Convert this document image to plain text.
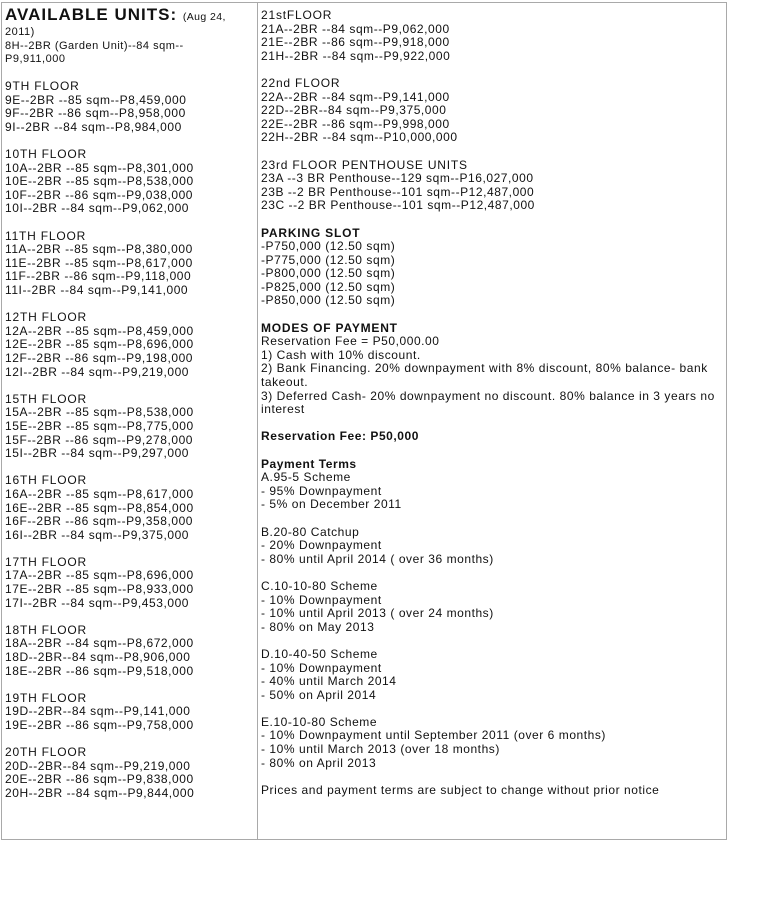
AVAILABLE UNITS: (Aug 24,
2011)
8H--2BR (Garden Unit)--84 sqm--
P9,911,000
9TH FLOOR
9E--2BR --85 sqm--P8,459,000
9F--2BR --86 sqm--P8,958,000
9I--2BR --84 sqm--P8,984,000
10TH FLOOR
10A--2BR --85 sqm--P8,301,000
10E--2BR --85 sqm--P8,538,000
10F--2BR --86 sqm--P9,038,000
10I--2BR --84 sqm--P9,062,000
11TH FLOOR
11A--2BR --85 sqm--P8,380,000
11E--2BR --85 sqm--P8,617,000
11F--2BR --86 sqm--P9,118,000
11I--2BR --84 sqm--P9,141,000
12TH FLOOR
12A--2BR --85 sqm--P8,459,000
12E--2BR --85 sqm--P8,696,000
12F--2BR --86 sqm--P9,198,000
12I--2BR --84 sqm--P9,219,000
15TH FLOOR
15A--2BR --85 sqm--P8,538,000
15E--2BR --85 sqm--P8,775,000
15F--2BR --86 sqm--P9,278,000
15I--2BR --84 sqm--P9,297,000
16TH FLOOR
16A--2BR --85 sqm--P8,617,000
16E--2BR --85 sqm--P8,854,000
16F--2BR --86 sqm--P9,358,000
16I--2BR --84 sqm--P9,375,000
17TH FLOOR
17A--2BR --85 sqm--P8,696,000
17E--2BR --85 sqm--P8,933,000
17I--2BR --84 sqm--P9,453,000
18TH FLOOR
18A--2BR --84 sqm--P8,672,000
18D--2BR--84 sqm--P8,906,000
18E--2BR --86 sqm--P9,518,000
19TH FLOOR
19D--2BR--84 sqm--P9,141,000
19E--2BR --86 sqm--P9,758,000
20TH FLOOR
20D--2BR--84 sqm--P9,219,000
20E--2BR --86 sqm--P9,838,000
20H--2BR --84 sqm--P9,844,000
21stFLOOR
21A--2BR --84 sqm--P9,062,000
21E--2BR --86 sqm--P9,918,000
21H--2BR --84 sqm--P9,922,000
22nd FLOOR
22A--2BR --84 sqm--P9,141,000
22D--2BR--84 sqm--P9,375,000
22E--2BR --86 sqm--P9,998,000
22H--2BR --84 sqm--P10,000,000
23rd FLOOR PENTHOUSE UNITS
23A --3 BR Penthouse--129 sqm--P16,027,000
23B --2 BR Penthouse--101 sqm--P12,487,000
23C --2 BR Penthouse--101 sqm--P12,487,000
PARKING SLOT
-P750,000 (12.50 sqm)
-P775,000 (12.50 sqm)
-P800,000 (12.50 sqm)
-P825,000 (12.50 sqm)
-P850,000 (12.50 sqm)
MODES OF PAYMENT
Reservation Fee = P50,000.00
1) Cash with 10% discount.
2) Bank Financing. 20% downpayment with 8% discount, 80% balance- bank takeout.
3) Deferred Cash- 20% downpayment no discount. 80% balance in 3 years no interest
Reservation Fee: P50,000
Payment Terms
A.95-5 Scheme
- 95% Downpayment
- 5% on December 2011
B.20-80 Catchup
- 20% Downpayment
- 80% until April 2014 ( over 36 months)
C.10-10-80 Scheme
- 10% Downpayment
- 10% until April 2013 ( over 24 months)
- 80% on May 2013
D.10-40-50 Scheme
- 10% Downpayment
- 40% until March 2014
- 50% on April 2014
E.10-10-80 Scheme
- 10% Downpayment until September 2011 (over 6 months)
- 10% until March 2013 (over 18 months)
- 80% on April 2013
Prices and payment terms are subject to change without prior notice
